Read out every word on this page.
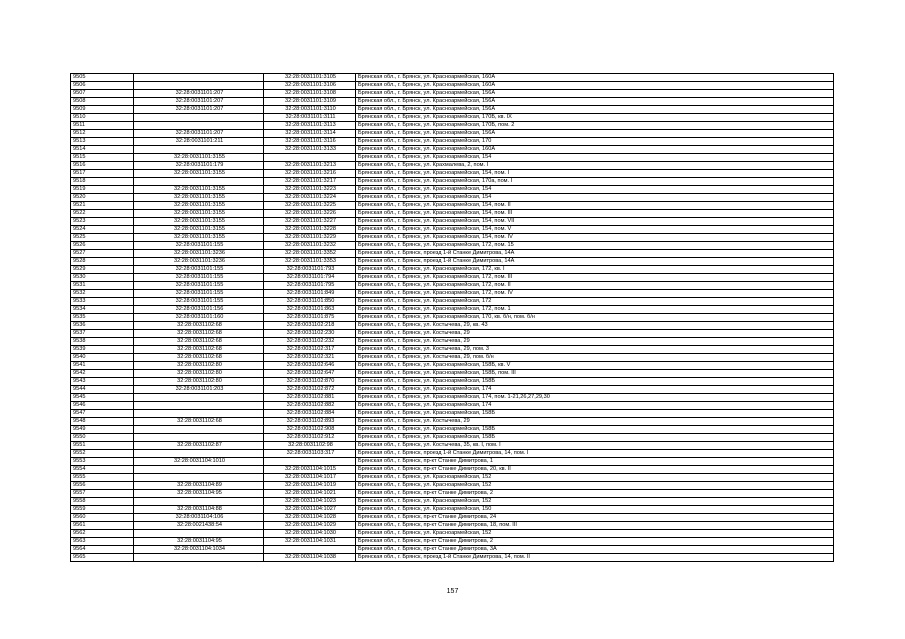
9505		32:28:0031101:3105	Брянская обл., г. Брянск, ул. Красноармейская, 160А
9506		32:28:0031101:3106	Брянская обл., г. Брянск, ул. Красноармейская, 160А
9507	32:28:0031101:207	32:28:0031101:3108	Брянская обл., г. Брянск, ул. Красноармейская, 156А
9508	32:28:0031101:207	32:28:0031101:3109	Брянская обл., г. Брянск, ул. Красноармейская, 156А
9509	32:28:0031101:207	32:28:0031101:3110	Брянская обл., г. Брянск, ул. Красноармейская, 156А
9510		32:28:0031101:3111	Брянская обл., г. Брянск, ул. Красноармейская, 170Б, кв. IX
9511		32:28:0031101:3113	Брянская обл., г. Брянск, ул. Красноармейская, 170Б, пом. 2
9512	32:28:0031101:207	32:28:0031101:3114	Брянская обл., г. Брянск, ул. Красноармейская, 156А
9513	32:28:0031101:211	32:28:0031101:3116	Брянская обл., г. Брянск, ул. Красноармейская, 170
9514		32:28:0031101:3133	Брянская обл., г. Брянск, ул. Красноармейская, 160А
9515	32:28:0031101:3155		Брянская обл., г. Брянск, ул. Красноармейская, 154
9516	32:28:0031101:179	32:28:0031101:3213	Брянская обл., г. Брянск, ул. Крахмалева, 2, пом. I
9517	32:28:0031101:3155	32:28:0031101:3216	Брянская обл., г. Брянск, ул. Красноармейская, 154, пом. I
9518		32:28:0031101:3217	Брянская обл., г. Брянск, ул. Красноармейская, 170а, пом. I
9519	32:28:0031101:3155	32:28:0031101:3223	Брянская обл., г. Брянск, ул. Красноармейская, 154
9520	32:28:0031101:3155	32:28:0031101:3224	Брянская обл., г. Брянск, ул. Красноармейская, 154
9521	32:28:0031101:3155	32:28:0031101:3225	Брянская обл., г. Брянск, ул. Красноармейская, 154, пом. II
9522	32:28:0031101:3155	32:28:0031101:3226	Брянская обл., г. Брянск, ул. Красноармейская, 154, пом. III
9523	32:28:0031101:3155	32:28:0031101:3227	Брянская обл., г. Брянск, ул. Красноармейская, 154, пом. VII
9524	32:28:0031101:3155	32:28:0031101:3228	Брянская обл., г. Брянск, ул. Красноармейская, 154, пом. V
9525	32:28:0031101:3155	32:28:0031101:3229	Брянская обл., г. Брянск, ул. Красноармейская, 154, пом. IV
9526	32:28:0031101:155	32:28:0031101:3232	Брянская обл., г. Брянск, ул. Красноармейская, 172, пом. 15
9527	32:28:0031101:3236	32:28:0031101:3352	Брянская обл., г. Брянск, проезд 1-й Станке Димитрова, 14А
9528	32:28:0031101:3236	32:28:0031101:3353	Брянская обл., г. Брянск, проезд 1-й Станке Димитрова, 14А
9529	32:28:0031101:155	32:28:0031101:793	Брянская обл., г. Брянск, ул. Красноармейская, 172, кв. I
9530	32:28:0031101:155	32:28:0031101:794	Брянская обл., г. Брянск, ул. Красноармейская, 172, пом. III
9531	32:28:0031101:155	32:28:0031101:795	Брянская обл., г. Брянск, ул. Красноармейская, 172, пом. II
9532	32:28:0031101:155	32:28:0031101:849	Брянская обл., г. Брянск, ул. Красноармейская, 172, пом. IV
9533	32:28:0031101:155	32:28:0031101:850	Брянская обл., г. Брянск, ул. Красноармейская, 172
9534	32:28:0031101:156	32:28:0031101:863	Брянская обл., г. Брянск, ул. Красноармейская, 172, пом. 1
9535	32:28:0031101:160	32:28:0031101:875	Брянская обл., г. Брянск, ул. Красноармейская, 170, кв. б/н, пом. б/н
9536	32:28:0031102:68	32:28:0031102:218	Брянская обл., г. Брянск, ул. Костычева, 29, кв. 43
9537	32:28:0031102:68	32:28:0031102:230	Брянская обл., г. Брянск, ул. Костычева, 29
9538	32:28:0031102:68	32:28:0031102:232	Брянская обл., г. Брянск, ул. Костычева, 29
9539	32:28:0031102:68	32:28:0031102:317	Брянская обл., г. Брянск, ул. Костычева, 29, пом. 3
9540	32:28:0031102:68	32:28:0031102:321	Брянская обл., г. Брянск, ул. Костычева, 29, пом. б/н
9541	32:28:0031102:80	32:28:0031102:646	Брянская обл., г. Брянск, ул. Красноармейская, 158Б, кв. V
9542	32:28:0031102:80	32:28:0031102:647	Брянская обл., г. Брянск, ул. Красноармейская, 158Б, пом. III
9543	32:28:0031102:80	32:28:0031102:870	Брянская обл., г. Брянск, ул. Красноармейская, 158Б
9544	32:28:0031101:203	32:28:0031102:872	Брянская обл., г. Брянск, ул. Красноармейская, 174
9545		32:28:0031102:881	Брянская обл., г. Брянск, ул. Красноармейская, 174, пом. 1-21,26,27,29,30
9546		32:28:0031102:882	Брянская обл., г. Брянск, ул. Красноармейская, 174
9547		32:28:0031102:884	Брянская обл., г. Брянск, ул. Красноармейская, 158Б
9548	32:28:0031102:68	32:28:0031102:893	Брянская обл., г. Брянск, ул. Костычева, 29
9549		32:28:0031102:908	Брянская обл., г. Брянск, ул. Красноармейская, 158Б
9550		32:28:0031102:912	Брянская обл., г. Брянск, ул. Красноармейская, 158Б
9551	32:28:0031102:87	32:28:0031102:98	Брянская обл., г. Брянск, ул. Костычева, 35, кв. I, пом. I
9552		32:28:0031103:317	Брянская обл., г. Брянск, проезд 1-й Станке Димитрова, 14, пом. I
9553	32:28:0031104:1010		Брянская обл., г. Брянск, пр-кт Станке Димитрова, 1
9554		32:28:0031104:1015	Брянская обл., г. Брянск, пр-кт Станке Димитрова, 20, кв. II
9555		32:28:0031104:1017	Брянская обл., г. Брянск, ул. Красноармейская, 152
9556	32:28:0031104:89	32:28:0031104:1019	Брянская обл., г. Брянск, ул. Красноармейская, 152
9557	32:28:0031104:95	32:28:0031104:1021	Брянская обл., г. Брянск, пр-кт Станке Димитрова, 2
9558		32:28:0031104:1023	Брянская обл., г. Брянск, ул. Красноармейская, 152
9559	32:28:0031104:88	32:28:0031104:1027	Брянская обл., г. Брянск, ул. Красноармейская, 150
9560	32:28:0031104:106	32:28:0031104:1028	Брянская обл., г. Брянск, пр-кт Станке Димитрова, 24
9561	32:28:0021438:54	32:28:0031104:1029	Брянская обл., г. Брянск, пр-кт Станке Димитрова, 18, пом. III
9562		32:28:0031104:1030	Брянская обл., г. Брянск, ул. Красноармейская, 152
9563	32:28:0031104:95	32:28:0031104:1031	Брянская обл., г. Брянск, пр-кт Станке Димитрова, 2
9564	32:28:0031104:1034		Брянская обл., г. Брянск, пр-кт Станке Димитрова, 3А
9565		32:28:0031104:1038	Брянская обл., г. Брянск, проезд 1-й Станке Димитрова, 14, пом. II
157
